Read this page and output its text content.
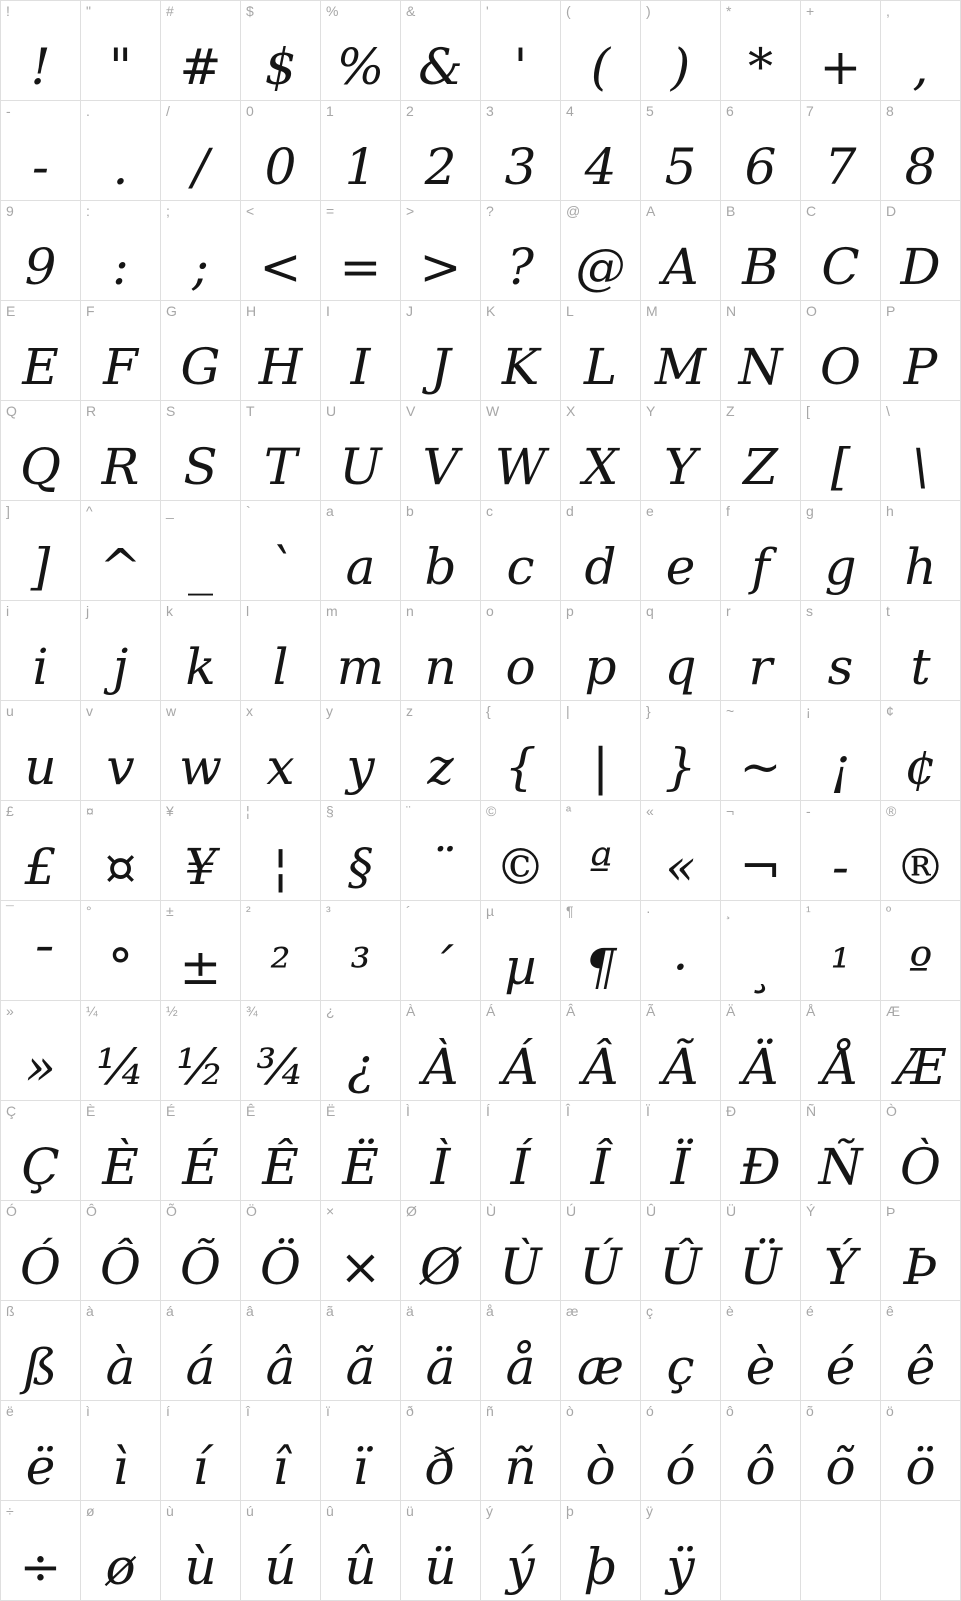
!
!
"
"
#
#
$
$
%
%
&
&
'
'
(
(
)
)
*
*
+
+
,
,
-
-
.
.
/
/
0
0
1
1
2
2
3
3
4
4
5
5
6
6
7
7
8
8
9
9
:
:
;
;
<
<
=
=
>
>
?
?
@
@
A
A
B
B
C
C
D
D
E
E
F
F
G
G
H
H
I
I
J
J
K
K
L
L
M
M
N
N
O
O
P
P
Q
Q
R
R
S
S
T
T
U
U
V
V
W
W
X
X
Y
Y
Z
Z
[
[
\
\
]
]
^
^
_
_
`
`
a
a
b
b
c
c
d
d
e
e
f
f
g
g
h
h
i
i
j
j
k
k
l
l
m
m
n
n
o
o
p
p
q
q
r
r
s
s
t
t
u
u
v
v
w
w
x
x
y
y
z
z
{
{
|
|
}
}
~
~
¡
¡
¢
¢
£
£
¤
¤
¥
¥
¦
¦
§
§
¨
¨
©
©
ª
ª
«
«
¬
¬
-
-
®
®
¯
¯
°
°
±
±
²
²
³
³
´
´
µ
µ
¶
¶
·
·
¸
¸
¹
¹
º
º
»
»
¼
¼
½
½
¾
¾
¿
¿
À
À
Á
Á
Â
Â
Ã
Ã
Ä
Ä
Å
Å
Æ
Æ
Ç
Ç
È
È
É
É
Ê
Ê
Ë
Ë
Ì
Ì
Í
Í
Î
Î
Ï
Ï
Ð
Ð
Ñ
Ñ
Ò
Ò
Ó
Ó
Ô
Ô
Õ
Õ
Ö
Ö
×
×
Ø
Ø
Ù
Ù
Ú
Ú
Û
Û
Ü
Ü
Ý
Ý
Þ
Þ
ß
ß
à
à
á
á
â
â
ã
ã
ä
ä
å
å
æ
æ
ç
ç
è
è
é
é
ê
ê
ë
ë
ì
ì
í
í
î
î
ï
ï
ð
ð
ñ
ñ
ò
ò
ó
ó
ô
ô
õ
õ
ö
ö
÷
÷
ø
ø
ù
ù
ú
ú
û
û
ü
ü
ý
ý
þ
þ
ÿ
ÿ
